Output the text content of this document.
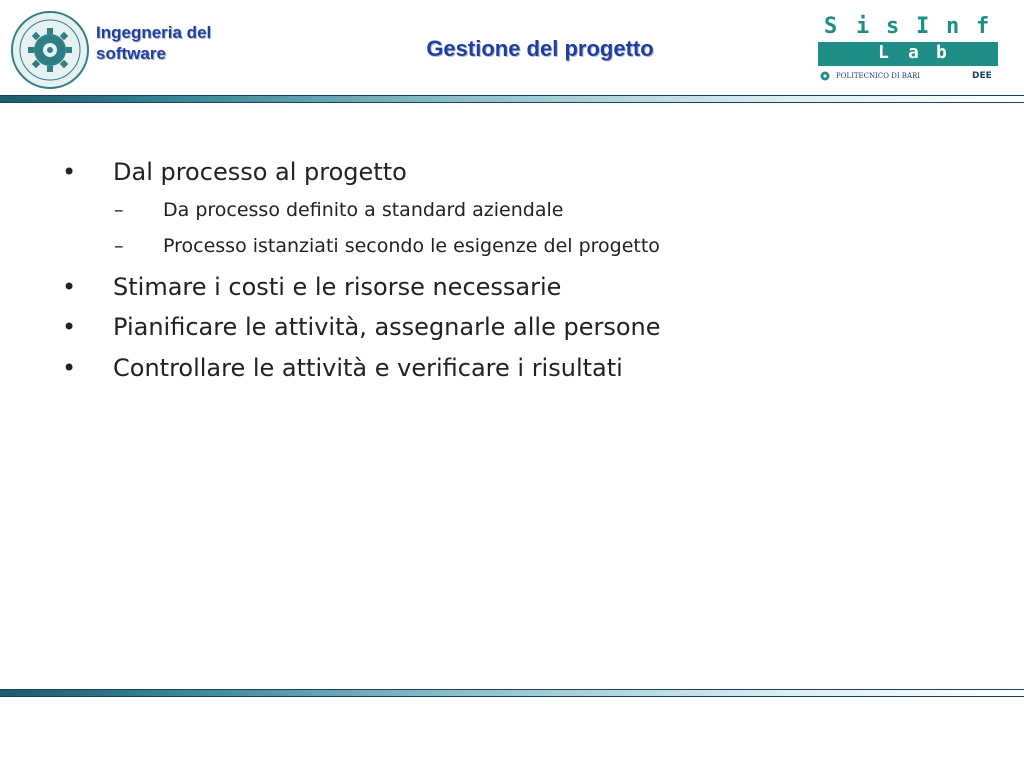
Ingegneria del software	Gestione del progetto
S i s I n f
L a b
POLITECNICO DI BARI	DEE
• Dal processo al progetto
– Da processo definito a standard aziendale
– Processo istanziati secondo le esigenze del progetto
• Stimare i costi e le risorse necessarie
• Pianificare le attività, assegnarle alle persone
• Controllare le attività e verificare i risultati
